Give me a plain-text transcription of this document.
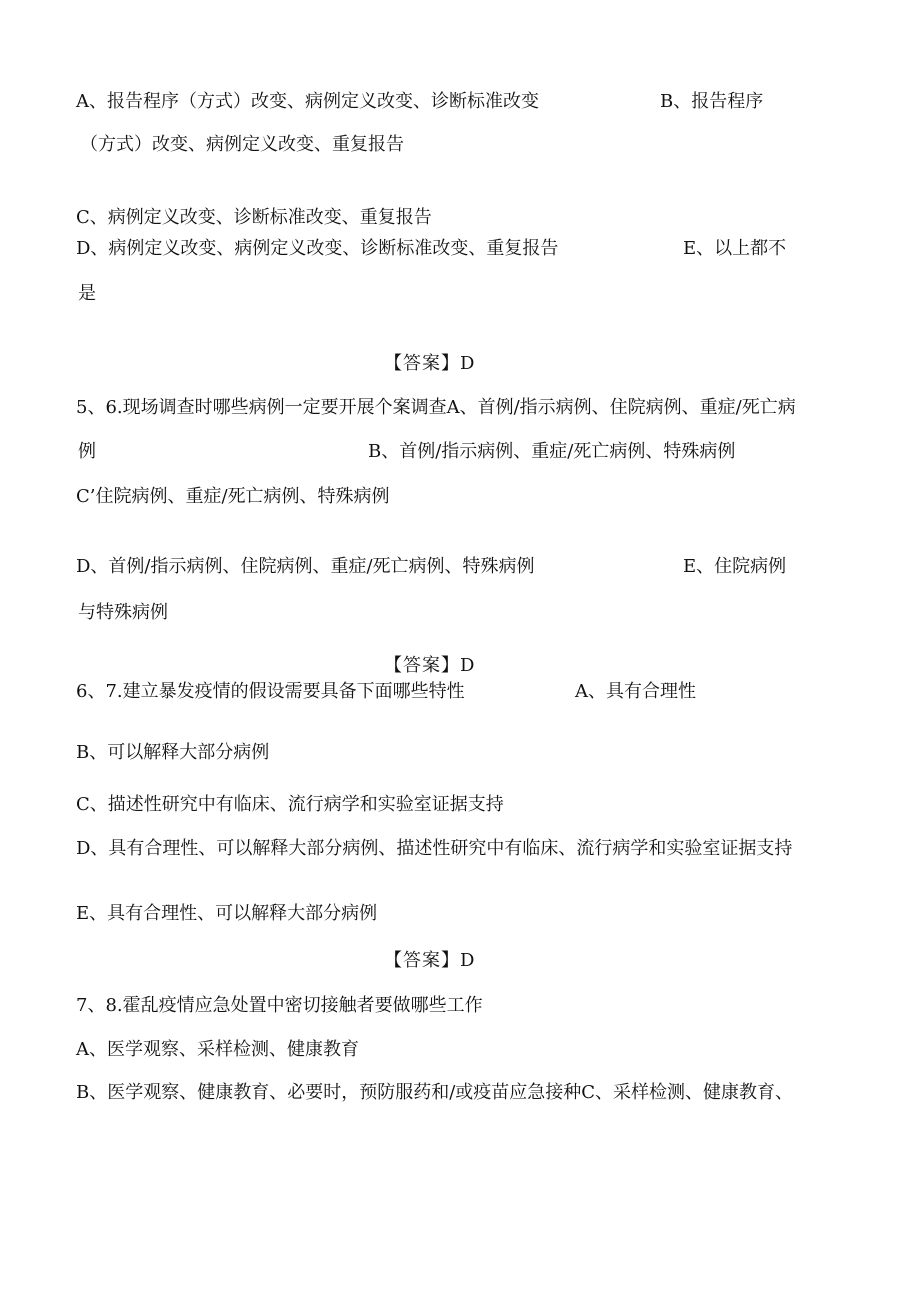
A、报告程序（方式）改变、病例定义改变、诊断标准改变	B、报告程序
（方式）改变、病例定义改变、重复报告
C、病例定义改变、诊断标准改变、重复报告
D、病例定义改变、病例定义改变、诊断标准改变、重复报告	E、以上都不
是
【答案】D
5、6.现场调查时哪些病例一定要开展个案调查A、首例/指示病例、住院病例、重症/死亡病
例	B、首例/指示病例、重症/死亡病例、特殊病例
C’住院病例、重症/死亡病例、特殊病例
D、首例/指示病例、住院病例、重症/死亡病例、特殊病例	E、住院病例
与特殊病例
【答案】D
6、7.建立暴发疫情的假设需要具备下面哪些特性	A、具有合理性
B、可以解释大部分病例
C、描述性研究中有临床、流行病学和实验室证据支持
D、具有合理性、可以解释大部分病例、描述性研究中有临床、流行病学和实验室证据支持
E、具有合理性、可以解释大部分病例
【答案】D
7、8.霍乱疫情应急处置中密切接触者要做哪些工作
A、医学观察、采样检测、健康教育
B、医学观察、健康教育、必要时，预防服药和/或疫苗应急接种C、采样检测、健康教育、
